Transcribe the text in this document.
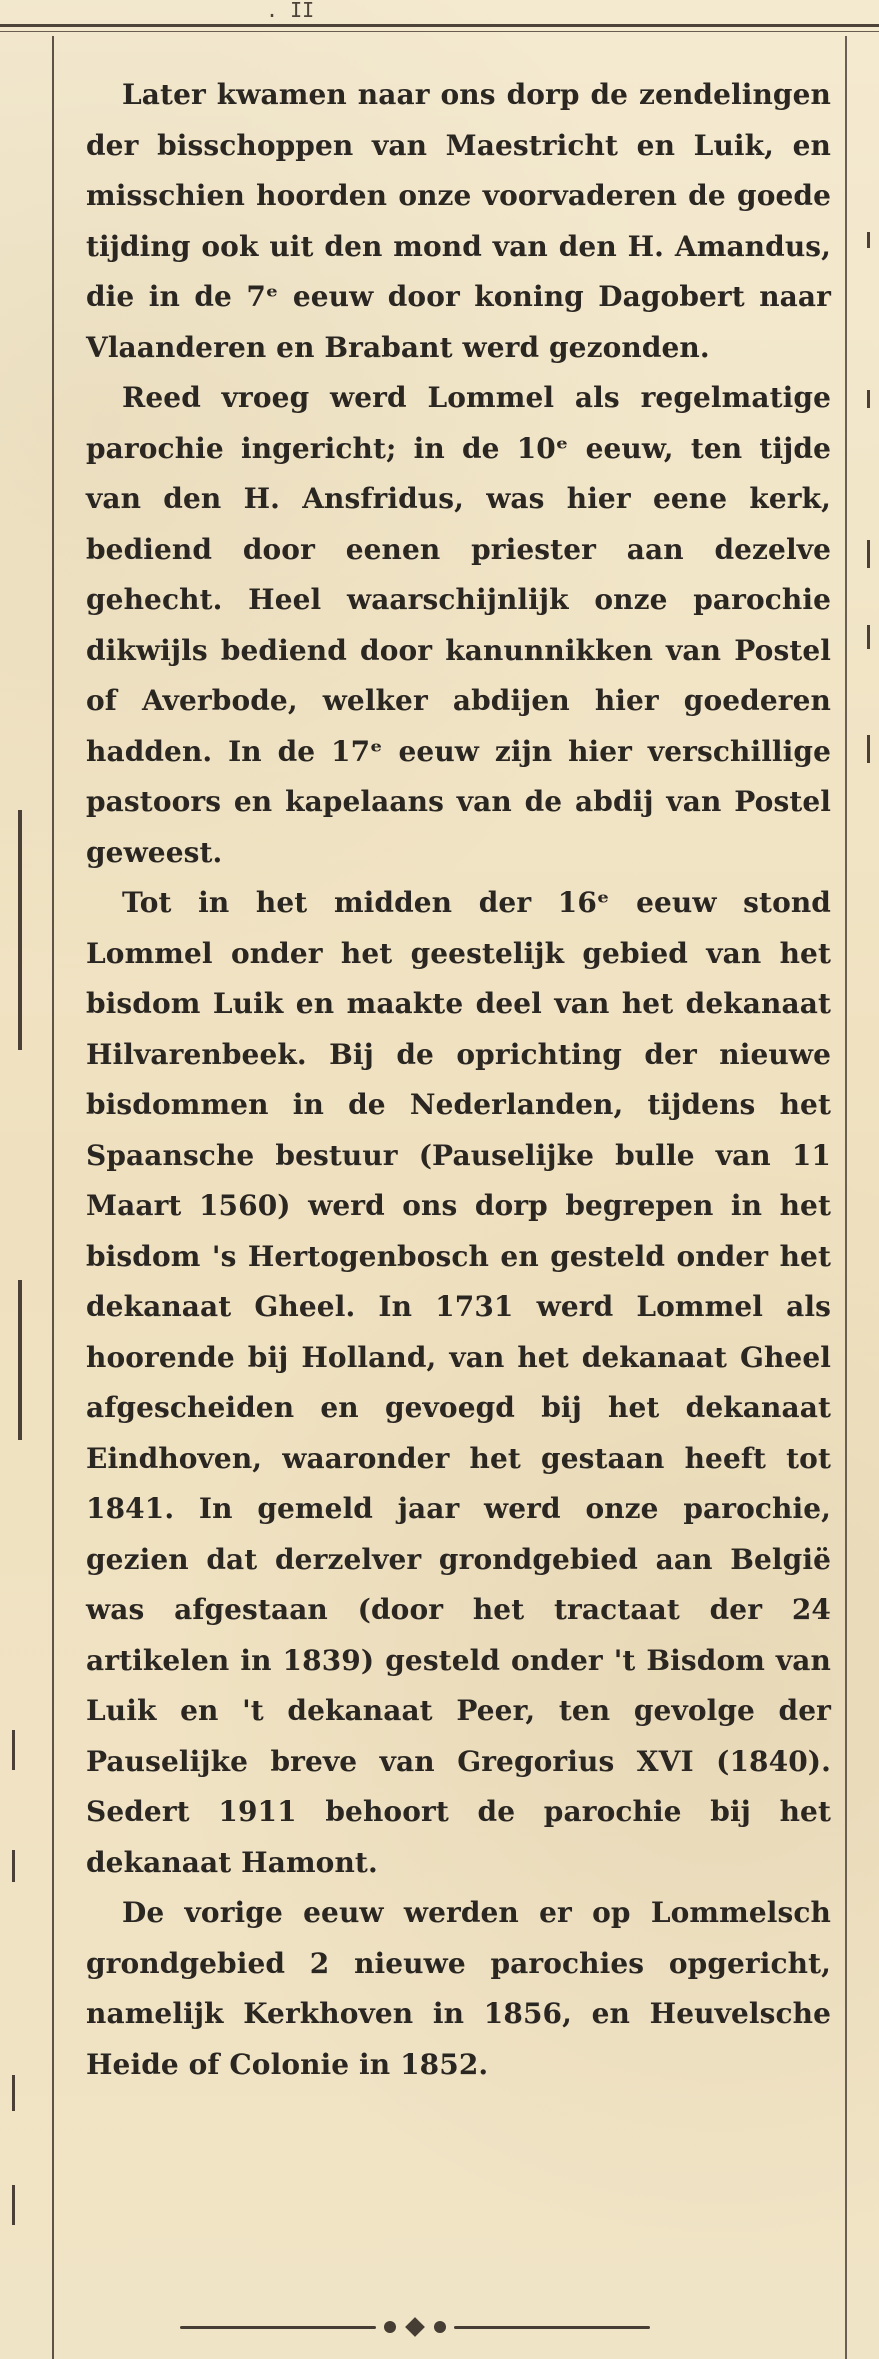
. II

Later kwamen naar ons dorp de zendelingen der bisschoppen van Maestricht en Luik, en misschien hoorden onze voorvaderen de goede tijding ook uit den mond van den H. Amandus, die in de 7ᵉ eeuw door koning Dagobert naar Vlaanderen en Brabant werd gezonden.

Reed vroeg werd Lommel als regelmatige parochie ingericht; in de 10ᵉ eeuw, ten tijde van den H. Ansfridus, was hier eene kerk, bediend door eenen priester aan dezelve gehecht. Heel waarschijnlijk onze parochie dikwijls bediend door kanunnikken van Postel of Averbode, welker abdijen hier goederen hadden. In de 17ᵉ eeuw zijn hier verschillige pastoors en kapelaans van de abdij van Postel geweest.

Tot in het midden der 16ᵉ eeuw stond Lommel onder het geestelijk gebied van het bisdom Luik en maakte deel van het dekanaat Hilvarenbeek. Bij de oprichting der nieuwe bisdommen in de Nederlanden, tijdens het Spaansche bestuur (Pauselijke bulle van 11 Maart 1560) werd ons dorp begrepen in het bisdom 's Hertogenbosch en gesteld onder het dekanaat Gheel. In 1731 werd Lommel als hoorende bij Holland, van het dekanaat Gheel afgescheiden en gevoegd bij het dekanaat Eindhoven, waaronder het gestaan heeft tot 1841. In gemeld jaar werd onze parochie, gezien dat derzelver grondgebied aan België was afgestaan (door het tractaat der 24 artikelen in 1839) gesteld onder 't Bisdom van Luik en 't dekanaat Peer, ten gevolge der Pauselijke breve van Gregorius XVI (1840). Sedert 1911 behoort de parochie bij het dekanaat Hamont.

De vorige eeuw werden er op Lommelsch grondgebied 2 nieuwe parochies opgericht, namelijk Kerkhoven in 1856, en Heuvelsche Heide of Colonie in 1852.
